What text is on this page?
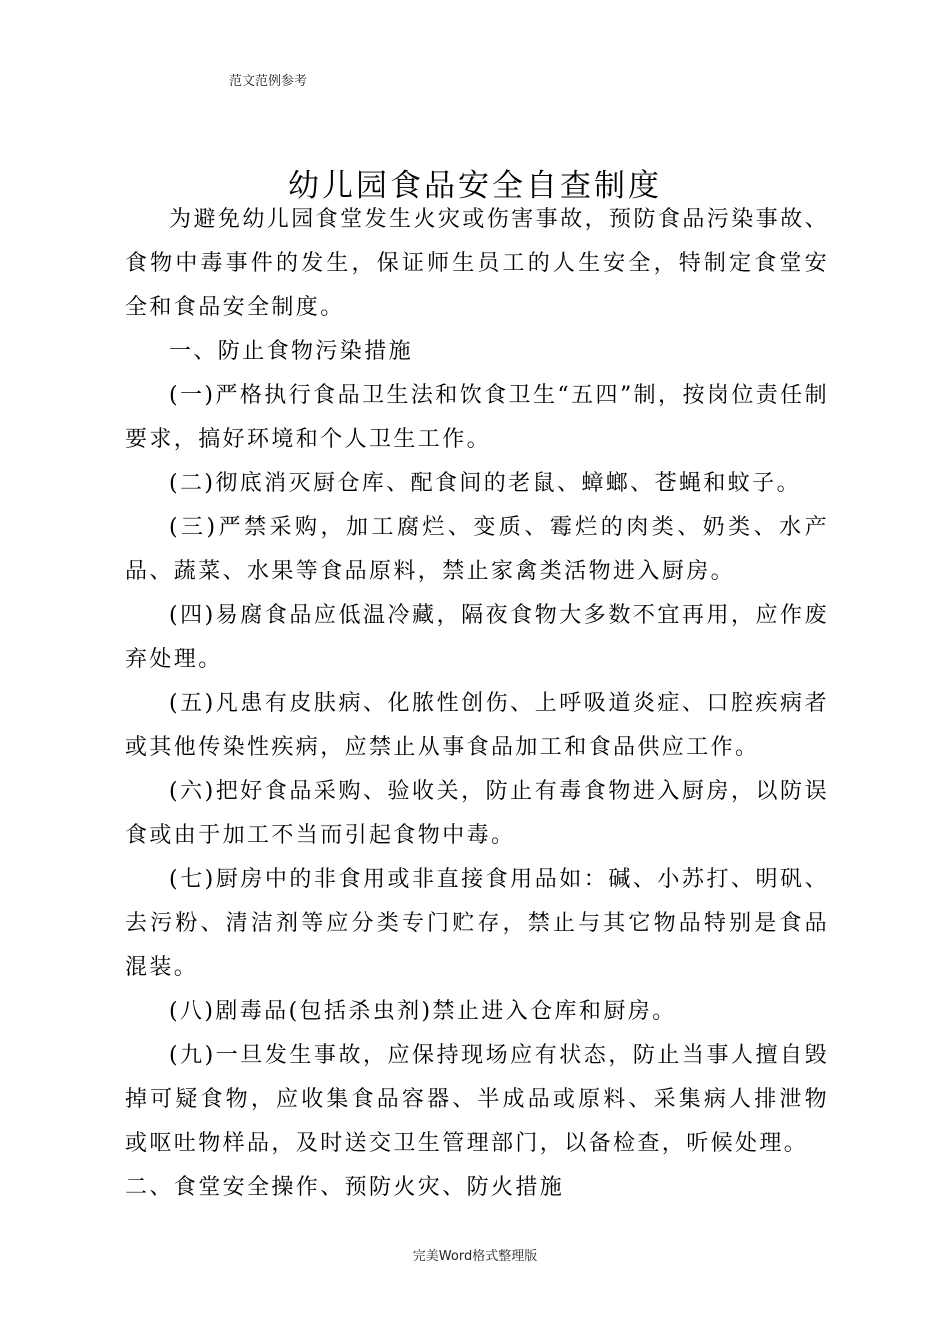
范文范例参考
幼儿园食品安全自查制度

为避免幼儿园食堂发生火灾或伤害事故，预防食品污染事故、食物中毒事件的发生，保证师生员工的人生安全，特制定食堂安全和食品安全制度。

一、防止食物污染措施

(一)严格执行食品卫生法和饮食卫生“五四”制，按岗位责任制要求，搞好环境和个人卫生工作。

(二)彻底消灭厨仓库、配食间的老鼠、蟑螂、苍蝇和蚊子。

(三)严禁采购，加工腐烂、变质、霉烂的肉类、奶类、水产品、蔬菜、水果等食品原料，禁止家禽类活物进入厨房。

(四)易腐食品应低温冷藏，隔夜食物大多数不宜再用，应作废弃处理。

(五)凡患有皮肤病、化脓性创伤、上呼吸道炎症、口腔疾病者或其他传染性疾病，应禁止从事食品加工和食品供应工作。

(六)把好食品采购、验收关，防止有毒食物进入厨房，以防误食或由于加工不当而引起食物中毒。

(七)厨房中的非食用或非直接食用品如：碱、小苏打、明矾、去污粉、清洁剂等应分类专门贮存，禁止与其它物品特别是食品混装。

(八)剧毒品(包括杀虫剂)禁止进入仓库和厨房。

(九)一旦发生事故，应保持现场应有状态，防止当事人擅自毁掉可疑食物，应收集食品容器、半成品或原料、采集病人排泄物或呕吐物样品，及时送交卫生管理部门，以备检查，听候处理。

二、食堂安全操作、预防火灾、防火措施

完美Word格式整理版
